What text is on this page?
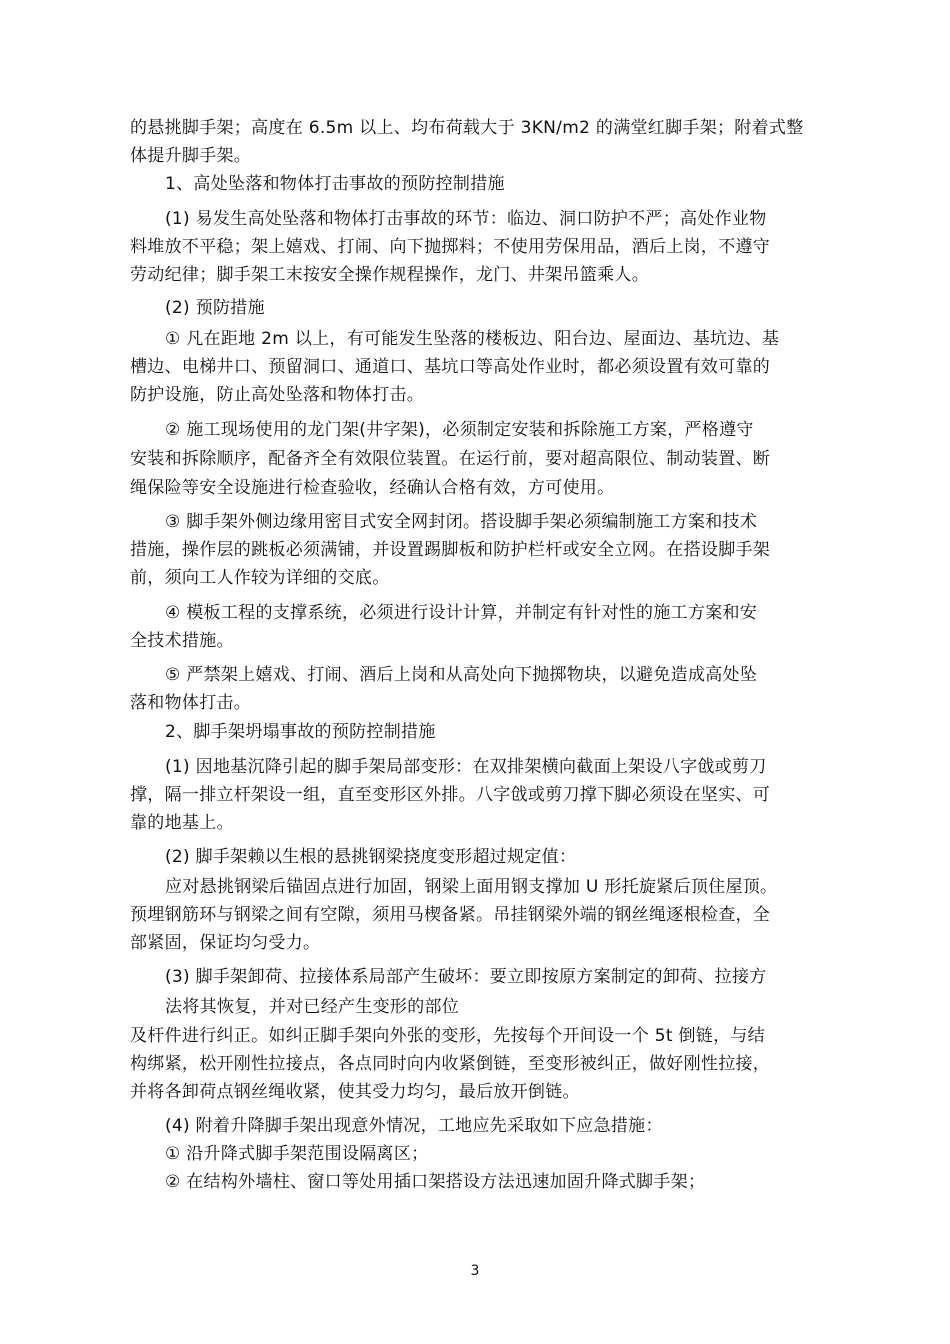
的悬挑脚手架；高度在 6.5m 以上、均布荷载大于 3KN/m2 的满堂红脚手架；附着式整
体提升脚手架。
1、高处坠落和物体打击事故的预防控制措施
(1) 易发生高处坠落和物体打击事故的环节：临边、洞口防护不严；高处作业物
料堆放不平稳；架上嬉戏、打闹、向下抛掷料；不使用劳保用品，酒后上岗，不遵守
劳动纪律；脚手架工末按安全操作规程操作，龙门、井架吊篮乘人。
(2) 预防措施
① 凡在距地 2m 以上，有可能发生坠落的楼板边、阳台边、屋面边、基坑边、基
槽边、电梯井口、预留洞口、通道口、基坑口等高处作业时，都必须设置有效可靠的
防护设施，防止高处坠落和物体打击。
② 施工现场使用的龙门架(井字架)，必须制定安装和拆除施工方案，严格遵守
安装和拆除顺序，配备齐全有效限位装置。在运行前，要对超高限位、制动装置、断
绳保险等安全设施进行检查验收，经确认合格有效，方可使用。
③ 脚手架外侧边缘用密目式安全网封闭。搭设脚手架必须编制施工方案和技术
措施，操作层的跳板必须满铺，并设置踢脚板和防护栏杆或安全立网。在搭设脚手架
前，须向工人作较为详细的交底。
④ 模板工程的支撑系统，必须进行设计计算，并制定有针对性的施工方案和安
全技术措施。
⑤ 严禁架上嬉戏、打闹、酒后上岗和从高处向下抛掷物块，以避免造成高处坠
落和物体打击。
2、脚手架坍塌事故的预防控制措施
(1) 因地基沉降引起的脚手架局部变形：在双排架横向截面上架设八字戗或剪刀
撑，隔一排立杆架设一组，直至变形区外排。八字戗或剪刀撑下脚必须设在坚实、可
靠的地基上。
(2) 脚手架赖以生根的悬挑钢梁挠度变形超过规定值：
应对悬挑钢梁后锚固点进行加固，钢梁上面用钢支撑加 U 形托旋紧后顶住屋顶。
预埋钢筋环与钢梁之间有空隙，须用马楔备紧。吊挂钢梁外端的钢丝绳逐根检查，全
部紧固，保证均匀受力。
(3) 脚手架卸荷、拉接体系局部产生破坏：要立即按原方案制定的卸荷、拉接方
法将其恢复，并对已经产生变形的部位
及杆件进行纠正。如纠正脚手架向外张的变形，先按每个开间设一个 5t 倒链，与结
构绑紧，松开刚性拉接点，各点同时向内收紧倒链，至变形被纠正，做好刚性拉接，
并将各卸荷点钢丝绳收紧，使其受力均匀，最后放开倒链。
(4) 附着升降脚手架出现意外情况，工地应先采取如下应急措施：
① 沿升降式脚手架范围设隔离区；
② 在结构外墙柱、窗口等处用插口架搭设方法迅速加固升降式脚手架；
3
